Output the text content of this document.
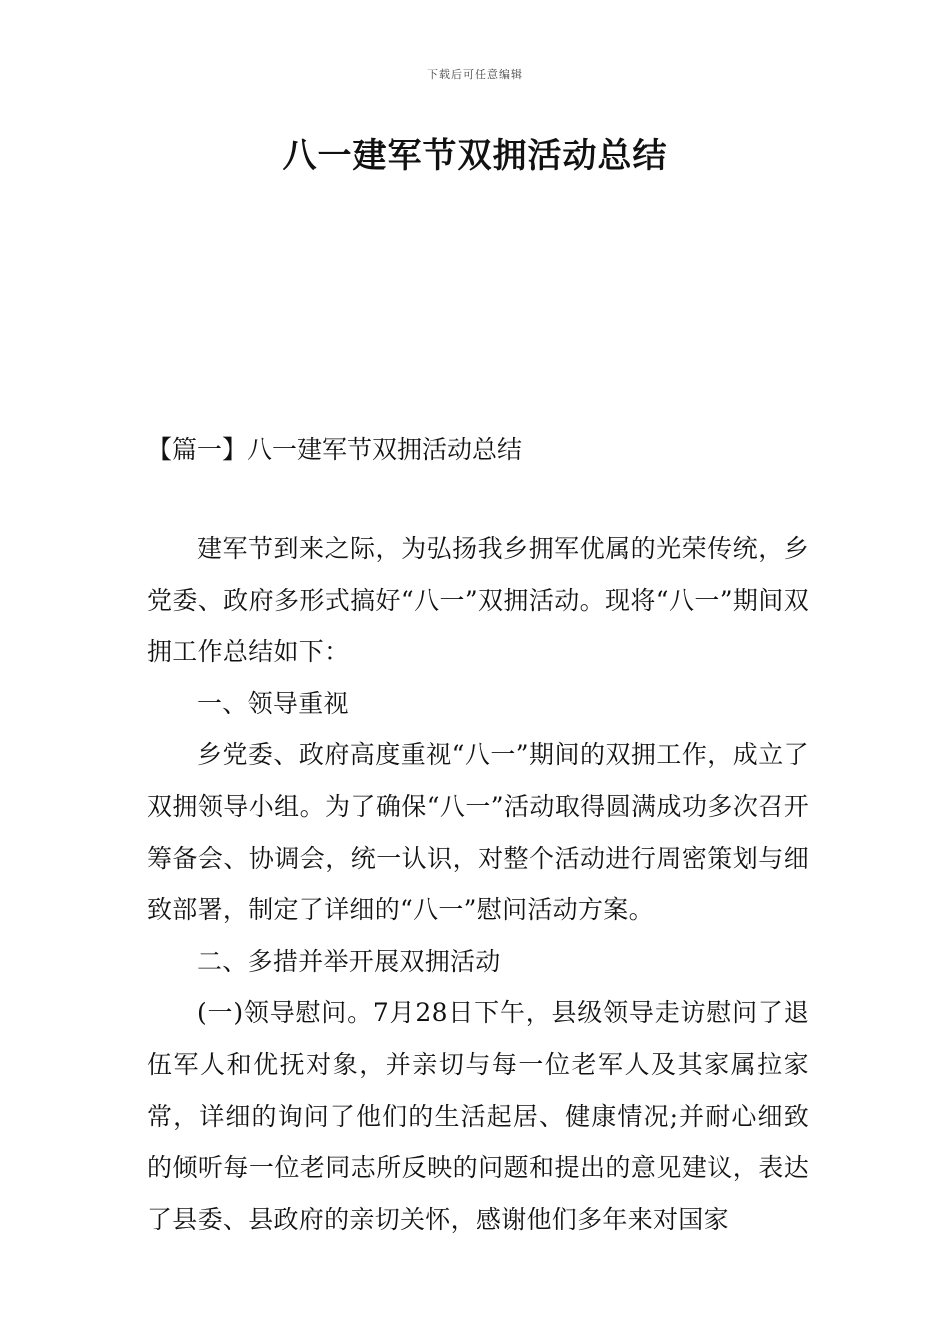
下载后可任意编辑
八一建军节双拥活动总结
【篇一】八一建军节双拥活动总结

建军节到来之际，为弘扬我乡拥军优属的光荣传统，乡党委、政府多形式搞好“八一”双拥活动。现将“八一”期间双拥工作总结如下：

一、领导重视

乡党委、政府高度重视“八一”期间的双拥工作，成立了双拥领导小组。为了确保“八一”活动取得圆满成功多次召开筹备会、协调会，统一认识，对整个活动进行周密策划与细致部署，制定了详细的“八一”慰问活动方案。

二、多措并举开展双拥活动

(一)领导慰问。7月28日下午，县级领导走访慰问了退伍军人和优抚对象，并亲切与每一位老军人及其家属拉家常，详细的询问了他们的生活起居、健康情况;并耐心细致的倾听每一位老同志所反映的问题和提出的意见建议，表达了县委、县政府的亲切关怀，感谢他们多年来对国家
